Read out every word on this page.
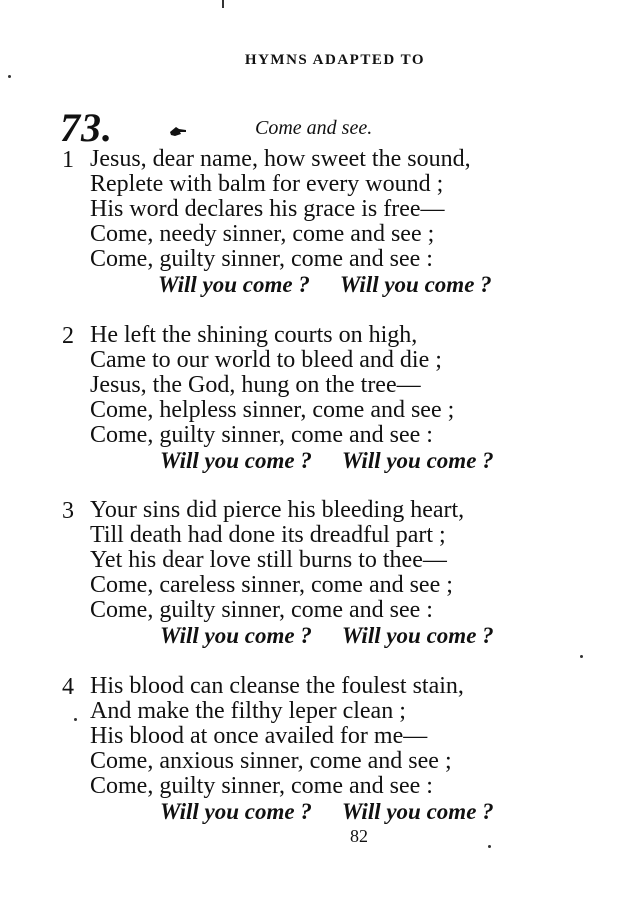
HYMNS ADAPTED TO
73.	Come and see.
1 Jesus, dear name, how sweet the sound,
Replete with balm for every wound ;
His word declares his grace is free—
Come, needy sinner, come and see ;
Come, guilty sinner, come and see :
Will you come ? Will you come ?
2 He left the shining courts on high,
Came to our world to bleed and die ;
Jesus, the God, hung on the tree—
Come, helpless sinner, come and see ;
Come, guilty sinner, come and see :
Will you come ? Will you come ?
3 Your sins did pierce his bleeding heart,
Till death had done its dreadful part ;
Yet his dear love still burns to thee—
Come, careless sinner, come and see ;
Come, guilty sinner, come and see :
Will you come ? Will you come ?
4 His blood can cleanse the foulest stain,
And make the filthy leper clean ;
His blood at once availed for me—
Come, anxious sinner, come and see ;
Come, guilty sinner, come and see :
Will you come ? Will you come ?
82
